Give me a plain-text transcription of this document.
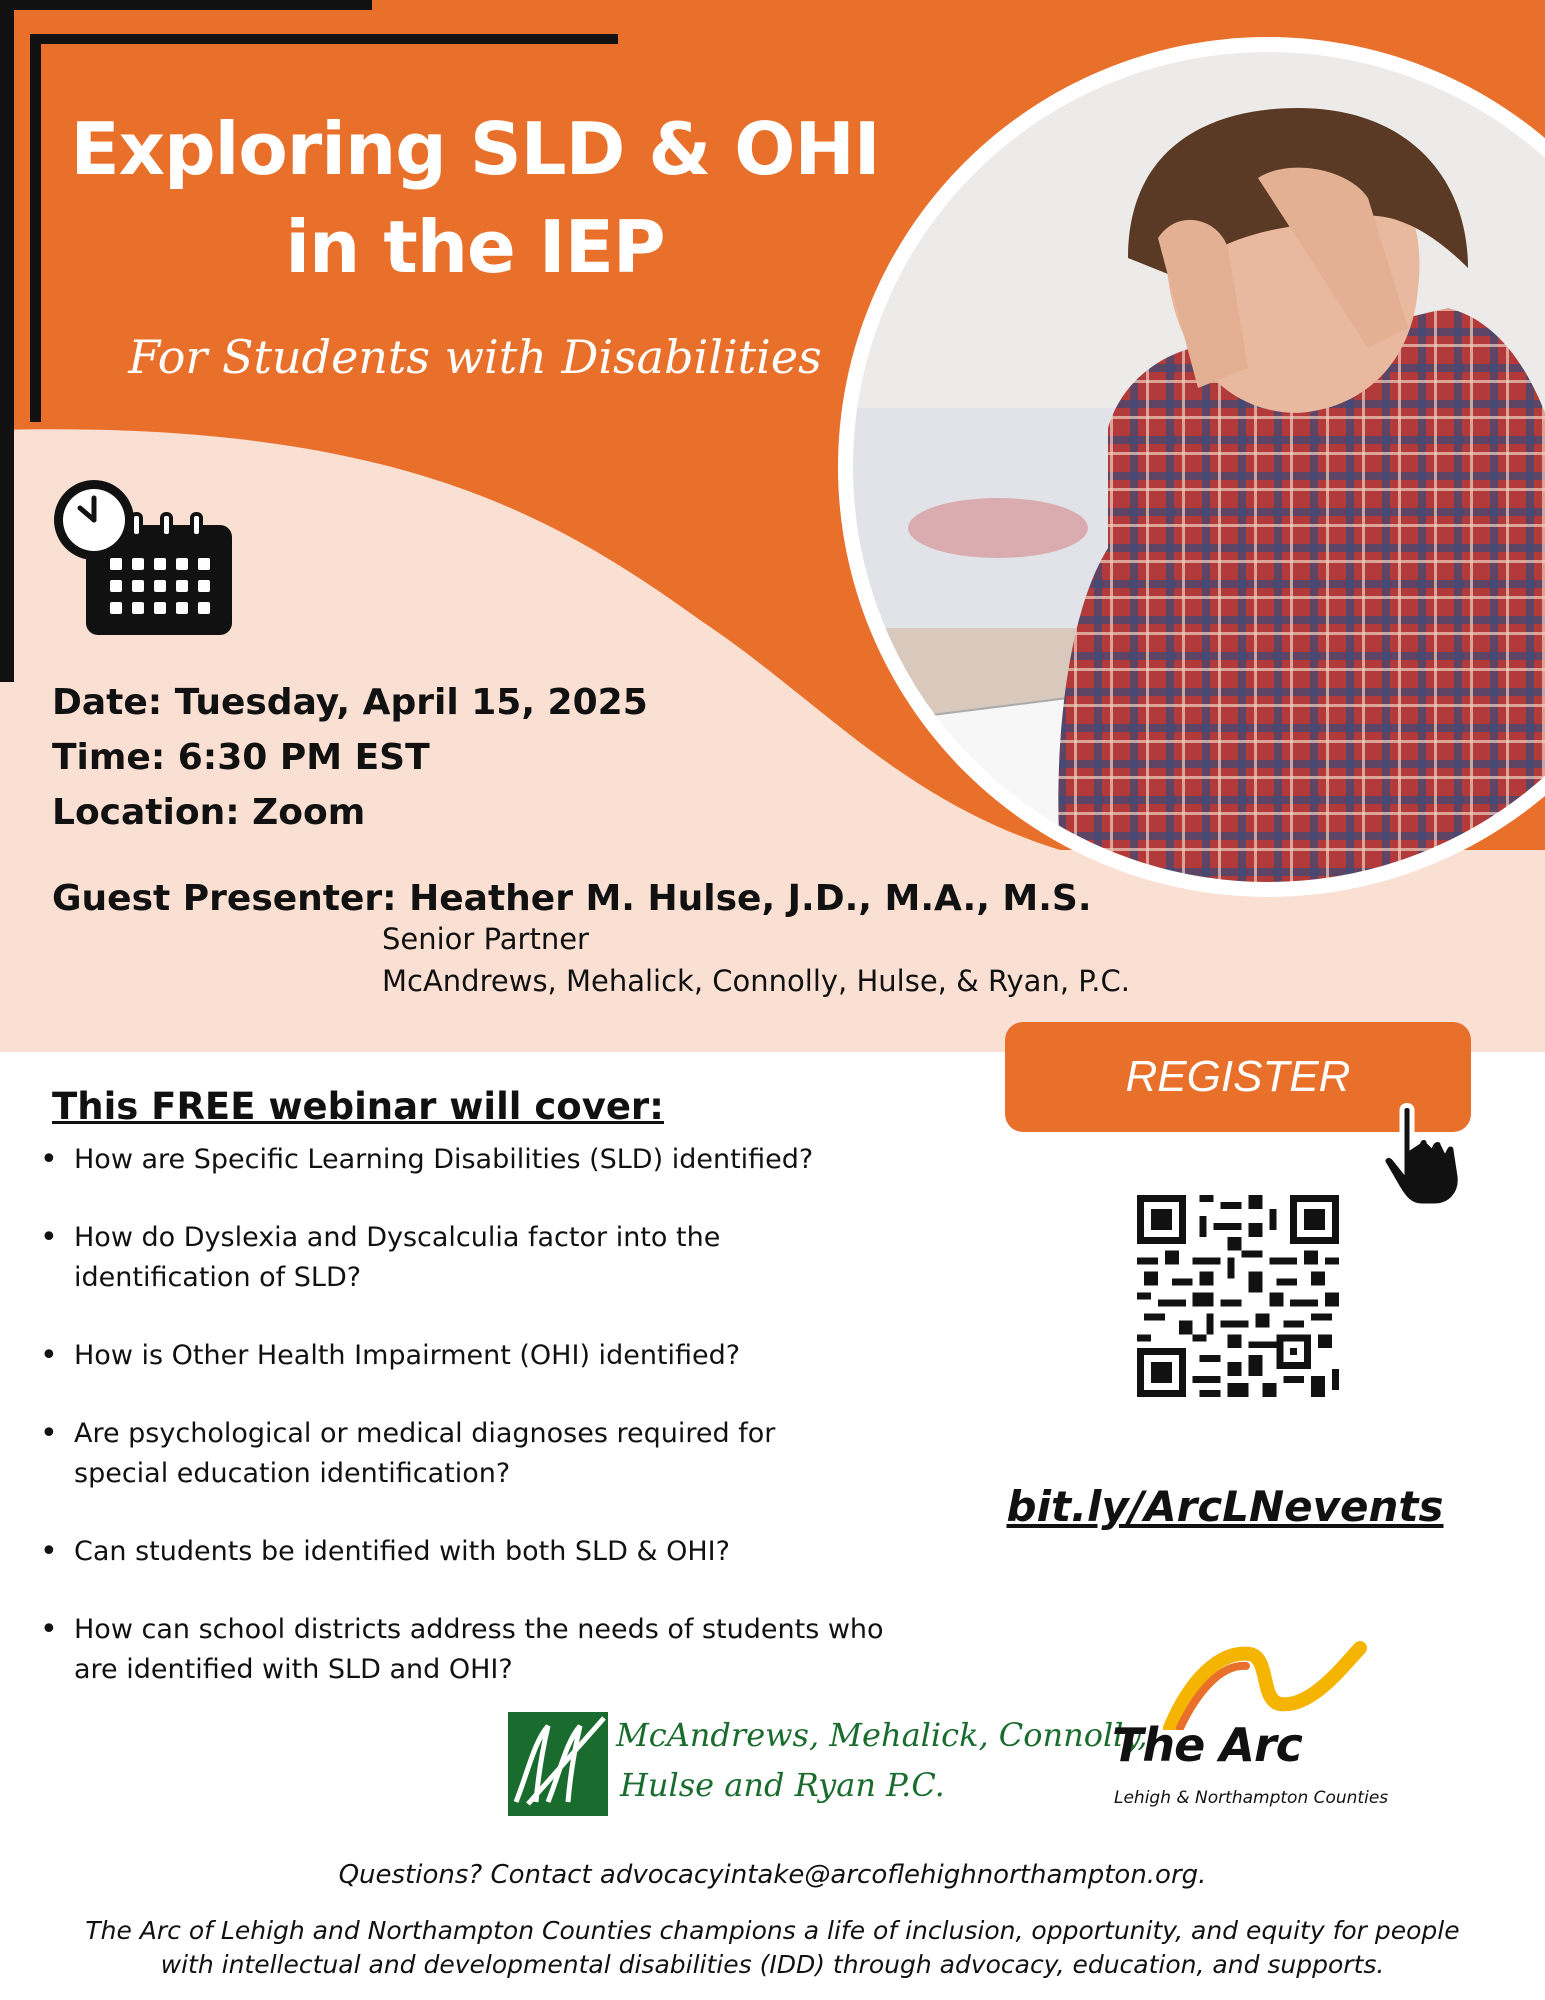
Exploring SLD & OHI
in the IEP
For Students with Disabilities
Date: Tuesday, April 15, 2025
Time: 6:30 PM EST
Location: Zoom
Guest Presenter: Heather M. Hulse, J.D., M.A., M.S.
Senior Partner
McAndrews, Mehalick, Connolly, Hulse, & Ryan, P.C.
REGISTER
This FREE webinar will cover:
• How are Specific Learning Disabilities (SLD) identified?
• How do Dyslexia and Dyscalculia factor into the identification of SLD?
• How is Other Health Impairment (OHI) identified?
• Are psychological or medical diagnoses required for special education identification?
• Can students be identified with both SLD & OHI?
• How can school districts address the needs of students who are identified with SLD and OHI?
bit.ly/ArcLNevents
McAndrews, Mehalick, Connolly,
Hulse and Ryan P.C.
The Arc
Lehigh & Northampton Counties
Questions? Contact advocacyintake@arcoflehighnorthampton.org.
The Arc of Lehigh and Northampton Counties champions a life of inclusion, opportunity, and equity for people with intellectual and developmental disabilities (IDD) through advocacy, education, and supports.
